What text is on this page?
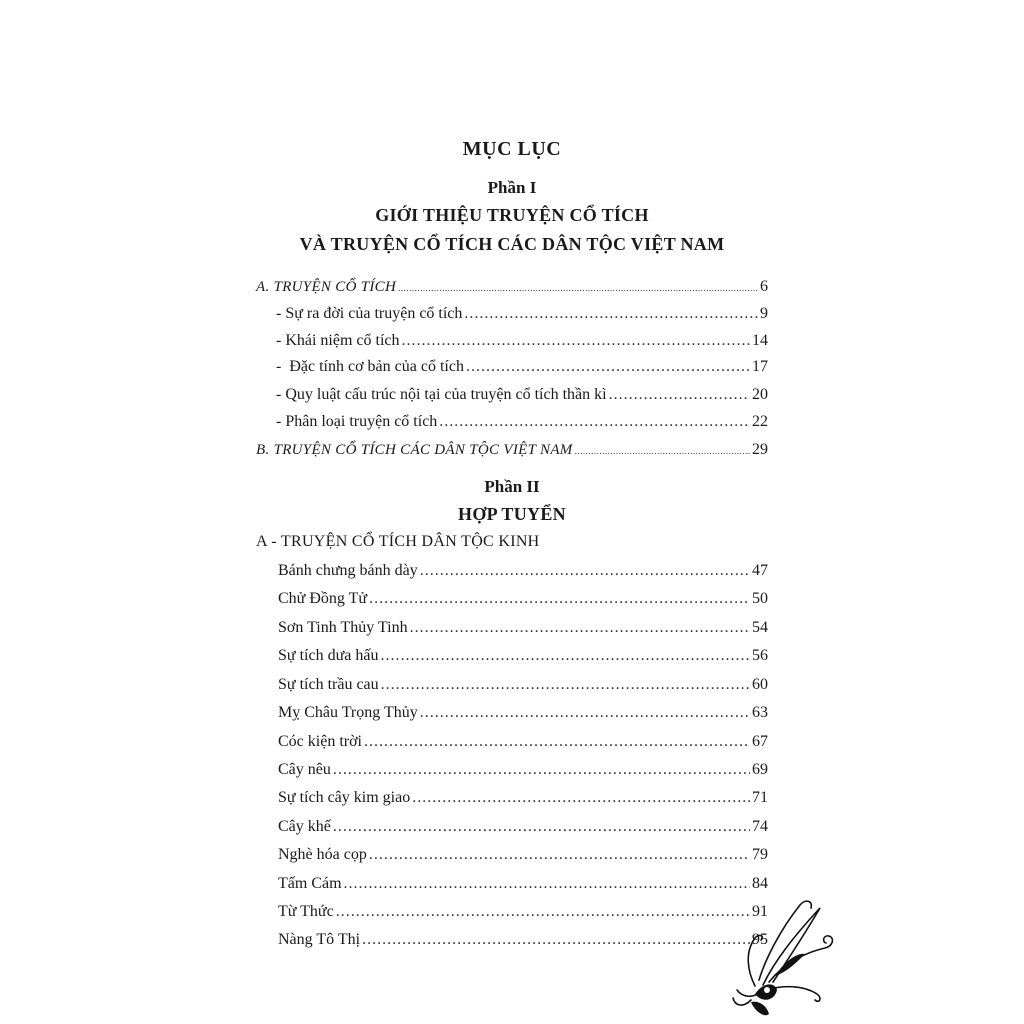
MỤC LỤC
Phần I
GIỚI THIỆU TRUYỆN CỔ TÍCH
VÀ TRUYỆN CỔ TÍCH CÁC DÂN TỘC VIỆT NAM
A. TRUYỆN CỔ TÍCH .....	6
- Sự ra đời của truyện cổ tích .....	9
- Khái niệm cổ tích .....	14
-  Đặc tính cơ bản của cổ tích .....	17
- Quy luật cấu trúc nội tại của truyện cổ tích thần kì .....	20
- Phân loại truyện cổ tích .....	22
B. TRUYỆN CỔ TÍCH CÁC DÂN TỘC VIỆT NAM .....	29
Phần II
HỢP TUYỂN
A - TRUYỆN CỔ TÍCH DÂN TỘC KINH
Bánh chưng bánh dày .....	47
Chử Đồng Tử .....	50
Sơn Tinh Thủy Tinh .....	54
Sự tích dưa hấu .....	56
Sự tích trầu cau .....	60
Mỵ Châu Trọng Thủy .....	63
Cóc kiện trời .....	67
Cây nêu .....	69
Sự tích cây kim giao .....	71
Cây khế .....	74
Nghè hóa cọp .....	79
Tấm Cám .....	84
Từ Thức .....	91
Nàng Tô Thị .....	95
